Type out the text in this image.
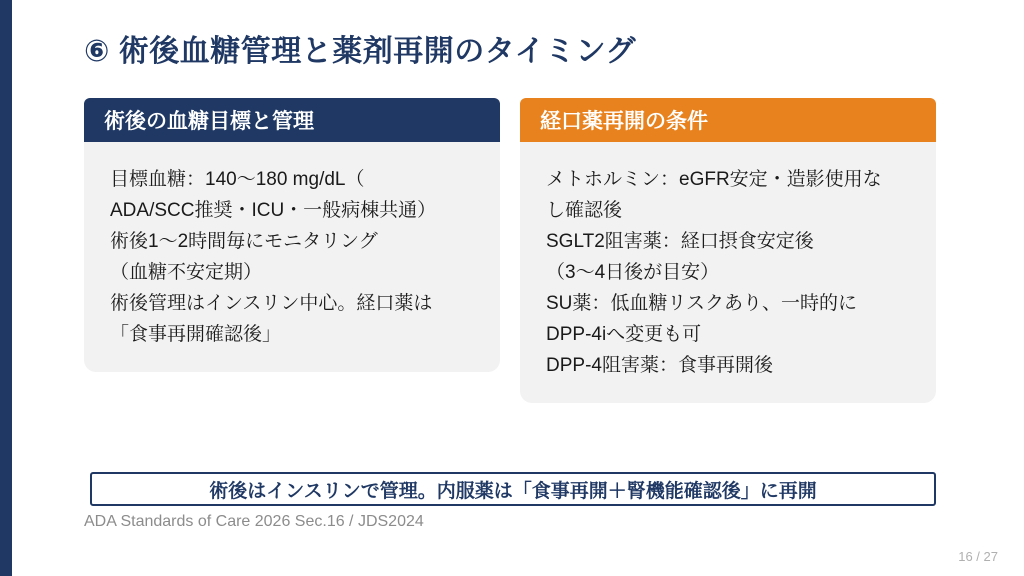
⑥ 術後血糖管理と薬剤再開のタイミング
術後の血糖目標と管理
目標血糖：140〜180 mg/dL（
ADA/SCC推奨・ICU・一般病棟共通）
術後1〜2時間毎にモニタリング
（血糖不安定期）
術後管理はインスリン中心。経口薬は
「食事再開確認後」
経口薬再開の条件
メトホルミン：eGFR安定・造影使用な
し確認後
SGLT2阻害薬：経口摂食安定後
（3〜4日後が目安）
SU薬：低血糖リスクあり、一時的に
DPP-4iへ変更も可
DPP-4阻害薬：食事再開後
術後はインスリンで管理。内服薬は「食事再開＋腎機能確認後」に再開
ADA Standards of Care 2026 Sec.16 / JDS2024
16 / 27
